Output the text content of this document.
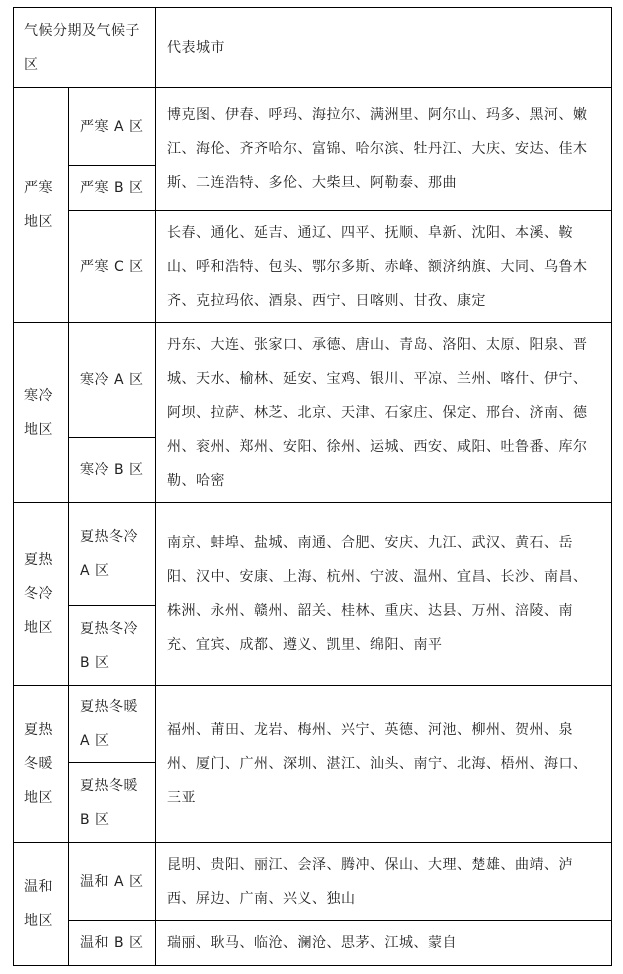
气候分期及气候子区
代表城市
严寒地区
严寒 A 区
严寒 B 区
严寒 C 区
博克图、伊春、呼玛、海拉尔、满洲里、阿尔山、玛多、黑河、嫩江、海伦、齐齐哈尔、富锦、哈尔滨、牡丹江、大庆、安达、佳木斯、二连浩特、多伦、大柴旦、阿勒泰、那曲
长春、通化、延吉、通辽、四平、抚顺、阜新、沈阳、本溪、鞍山、呼和浩特、包头、鄂尔多斯、赤峰、额济纳旗、大同、乌鲁木齐、克拉玛依、酒泉、西宁、日喀则、甘孜、康定
寒冷地区
寒冷 A 区
寒冷 B 区
丹东、大连、张家口、承德、唐山、青岛、洛阳、太原、阳泉、晋城、天水、榆林、延安、宝鸡、银川、平凉、兰州、喀什、伊宁、阿坝、拉萨、林芝、北京、天津、石家庄、保定、邢台、济南、德州、衮州、郑州、安阳、徐州、运城、西安、咸阳、吐鲁番、库尔勒、哈密
夏热冬冷地区
夏热冬冷 A 区
夏热冬冷 B 区
南京、蚌埠、盐城、南通、合肥、安庆、九江、武汉、黄石、岳阳、汉中、安康、上海、杭州、宁波、温州、宜昌、长沙、南昌、株洲、永州、赣州、韶关、桂林、重庆、达县、万州、涪陵、南充、宜宾、成都、遵义、凯里、绵阳、南平
夏热冬暖地区
夏热冬暖 A 区
夏热冬暖 B 区
福州、莆田、龙岩、梅州、兴宁、英德、河池、柳州、贺州、泉州、厦门、广州、深圳、湛江、汕头、南宁、北海、梧州、海口、三亚
温和地区
温和 A 区
温和 B 区
昆明、贵阳、丽江、会泽、腾冲、保山、大理、楚雄、曲靖、泸西、屏边、广南、兴义、独山
瑞丽、耿马、临沧、澜沧、思茅、江城、蒙自
